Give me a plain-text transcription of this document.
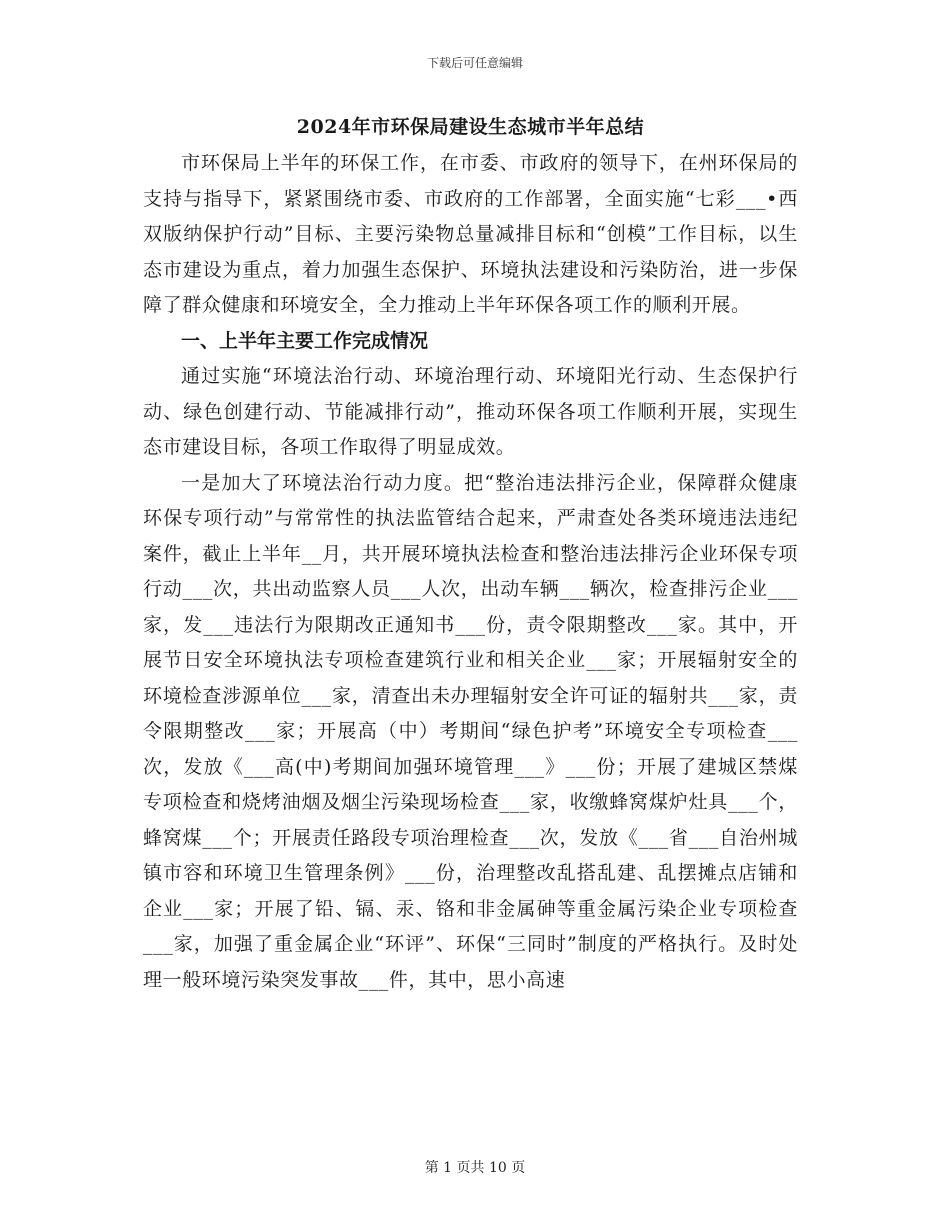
下载后可任意编辑
2024年市环保局建设生态城市半年总结

市环保局上半年的环保工作，在市委、市政府的领导下，在州环保局的支持与指导下，紧紧围绕市委、市政府的工作部署，全面实施“七彩___•西双版纳保护行动”目标、主要污染物总量减排目标和“创模”工作目标，以生态市建设为重点，着力加强生态保护、环境执法建设和污染防治，进一步保障了群众健康和环境安全，全力推动上半年环保各项工作的顺利开展。

一、上半年主要工作完成情况

通过实施“环境法治行动、环境治理行动、环境阳光行动、生态保护行动、绿色创建行动、节能减排行动”，推动环保各项工作顺利开展，实现生态市建设目标，各项工作取得了明显成效。

一是加大了环境法治行动力度。把“整治违法排污企业，保障群众健康环保专项行动”与常常性的执法监管结合起来，严肃查处各类环境违法违纪案件，截止上半年__月，共开展环境执法检查和整治违法排污企业环保专项行动___次，共出动监察人员___人次，出动车辆___辆次，检查排污企业___家，发___违法行为限期改正通知书___份，责令限期整改___家。其中，开展节日安全环境执法专项检查建筑行业和相关企业___家；开展辐射安全的环境检查涉源单位___家，清查出未办理辐射安全许可证的辐射共___家，责令限期整改___家；开展高（中）考期间“绿色护考”环境安全专项检查___次，发放《___高(中)考期间加强环境管理___》___份；开展了建城区禁煤专项检查和烧烤油烟及烟尘污染现场检查___家，收缴蜂窝煤炉灶具___个，蜂窝煤___个；开展责任路段专项治理检查___次，发放《___省___自治州城镇市容和环境卫生管理条例》___份，治理整改乱搭乱建、乱摆摊点店铺和企业___家；开展了铅、镉、汞、铬和非金属砷等重金属污染企业专项检查___家，加强了重金属企业“环评”、环保“三同时”制度的严格执行。及时处理一般环境污染突发事故___件，其中，思小高速

第 1 页共 10 页
